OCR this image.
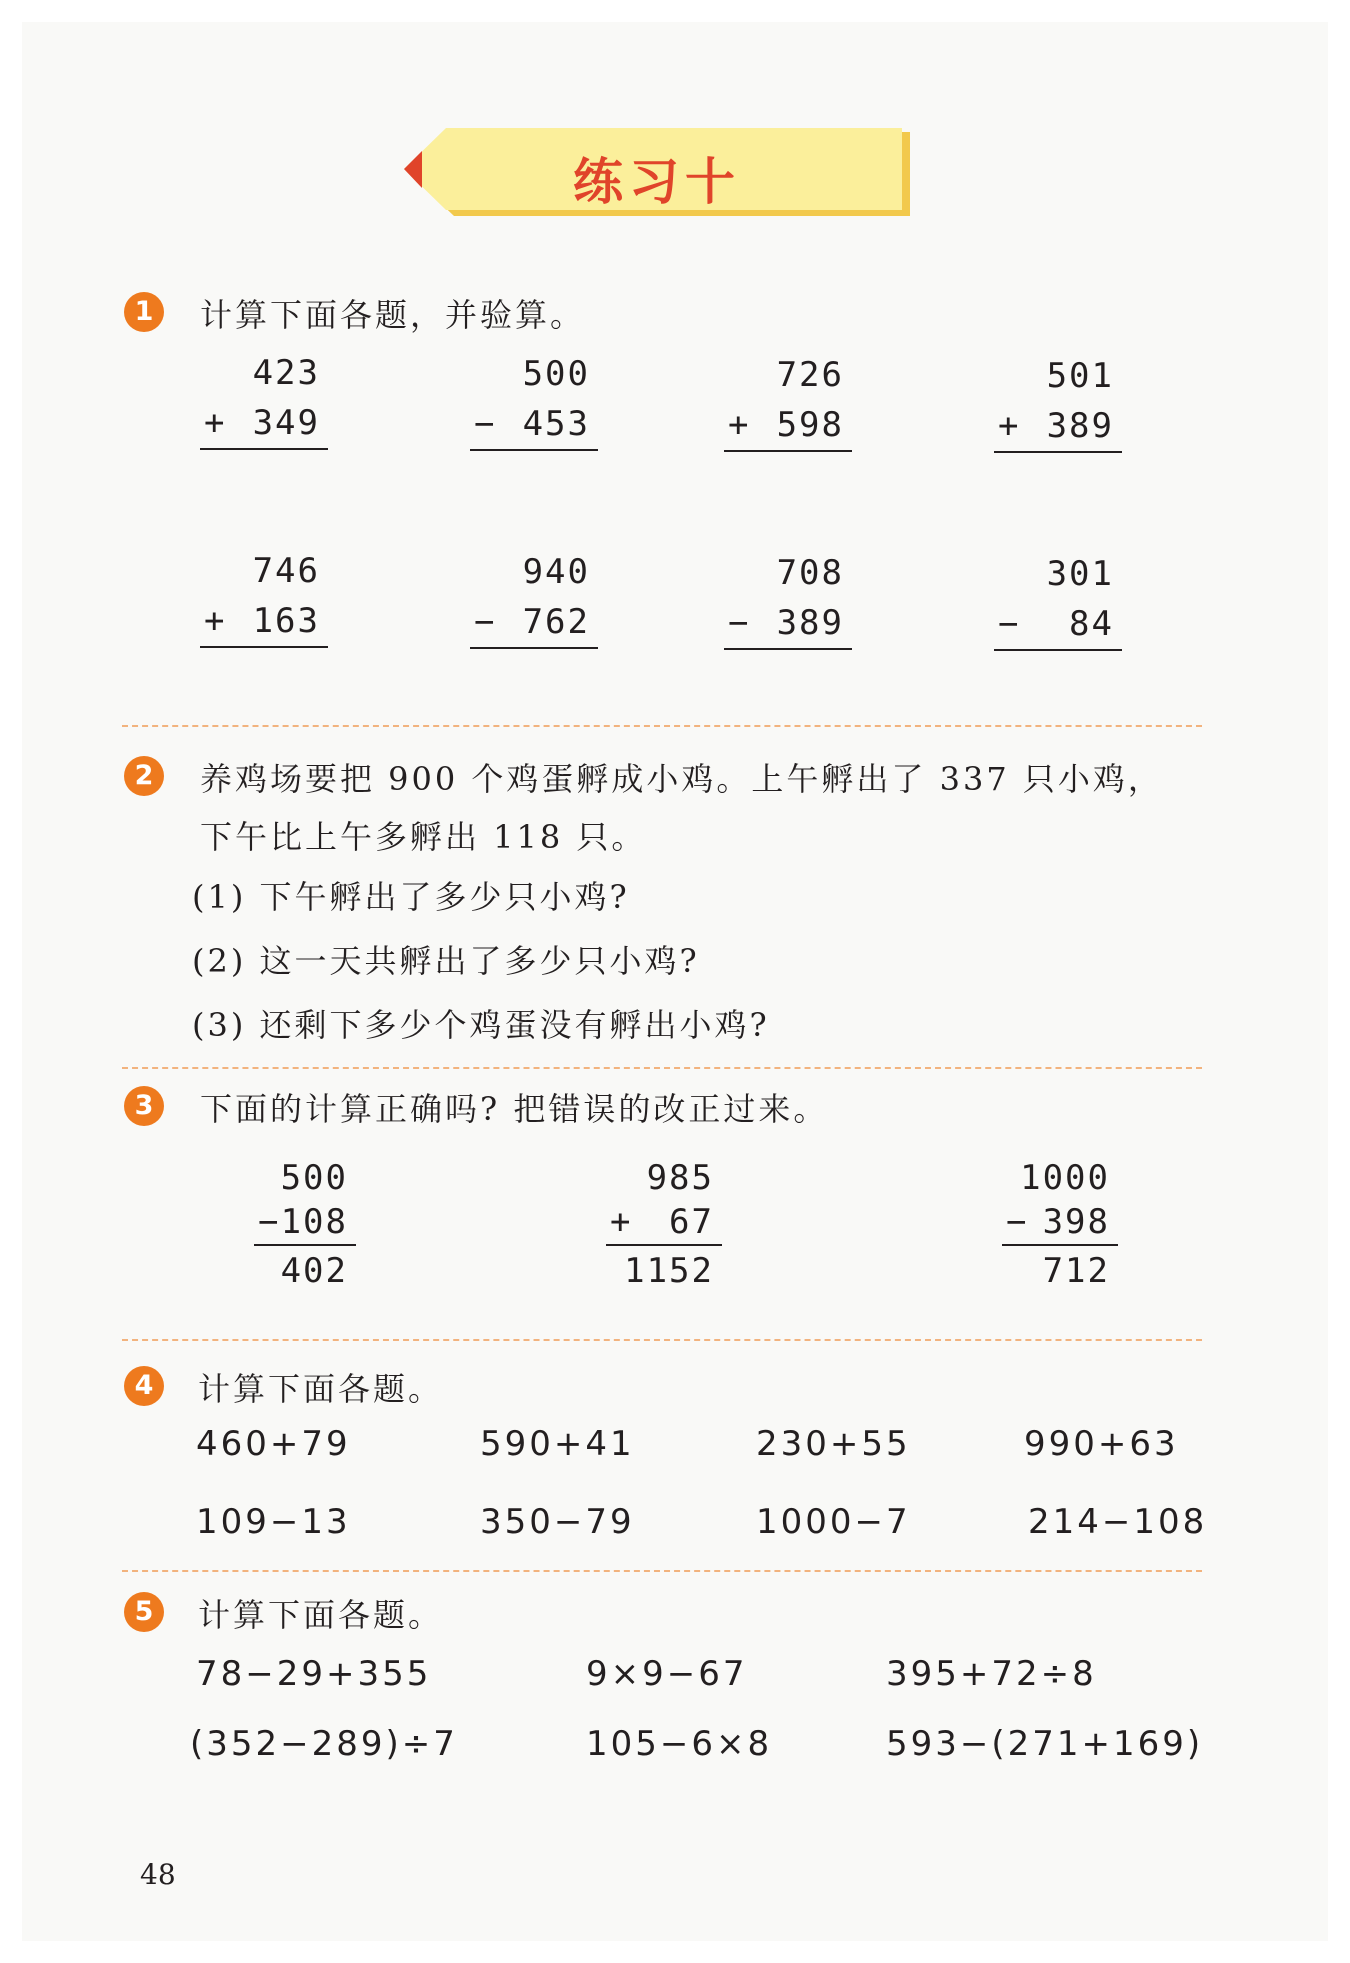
练习十
1	计算下面各题，并验算。
423
+ 349
500
− 453
726
+ 598
501
+ 389
746
+ 163
940
− 762
708
− 389
301
− 84
2	养鸡场要把 900 个鸡蛋孵成小鸡。上午孵出了 337 只小鸡，
下午比上午多孵出 118 只。
(1) 下午孵出了多少只小鸡?
(2) 这一天共孵出了多少只小鸡?
(3) 还剩下多少个鸡蛋没有孵出小鸡?
3	下面的计算正确吗? 把错误的改正过来。
500
− 108
402
985
+ 67
1152
1000
− 398
712
4	计算下面各题。
460+79	590+41	230+55	990+63
109−13	350−79	1000−7	214−108
5	计算下面各题。
78−29+355	9×9−67	395+72÷8
(352−289)÷7	105−6×8	593−(271+169)
48
